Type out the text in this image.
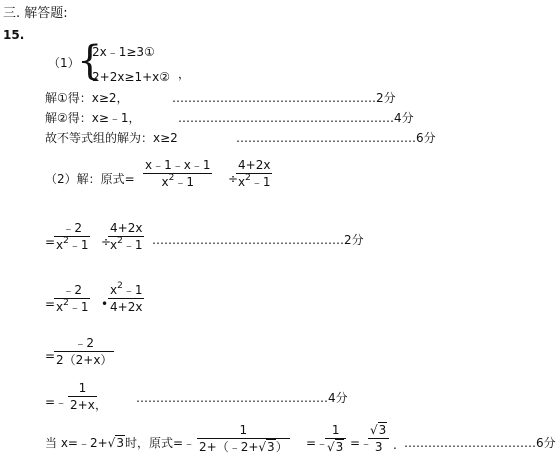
三. 解答题:
15.
（1）
{
2x﹣1≥3①
2+2x≥1+x② ，
解①得：x≥2，	……………………………………………2分
解②得：x≥﹣1，	………………………………………………4分
故不等式组的解为：x≥2	………………………………………6分
（2）解：原式= $\frac{x﹣1﹣x﹣1}{x^2﹣1}$ ÷
$\frac{4+2x}{x^2﹣1}$
=
$\frac{﹣2}{x^2﹣1}$ ÷
$\frac{4+2x}{x^2﹣1}$ …………………………………………2分
=
$\frac{﹣2}{x^2﹣1}$ • $\frac{x^2﹣1}{4+2x}$
=
$\frac{﹣2}{2(2+x)}$
=﹣ $\frac{1}{2+x}$
， …………………………………………4分
当 x=﹣2+√3时，原式=﹣ $\frac{1}{2+(﹣2+√3)}$ =﹣
$\frac{1}{√3}$ =﹣
$\frac{√3}{3}$ . ……………………………6分
